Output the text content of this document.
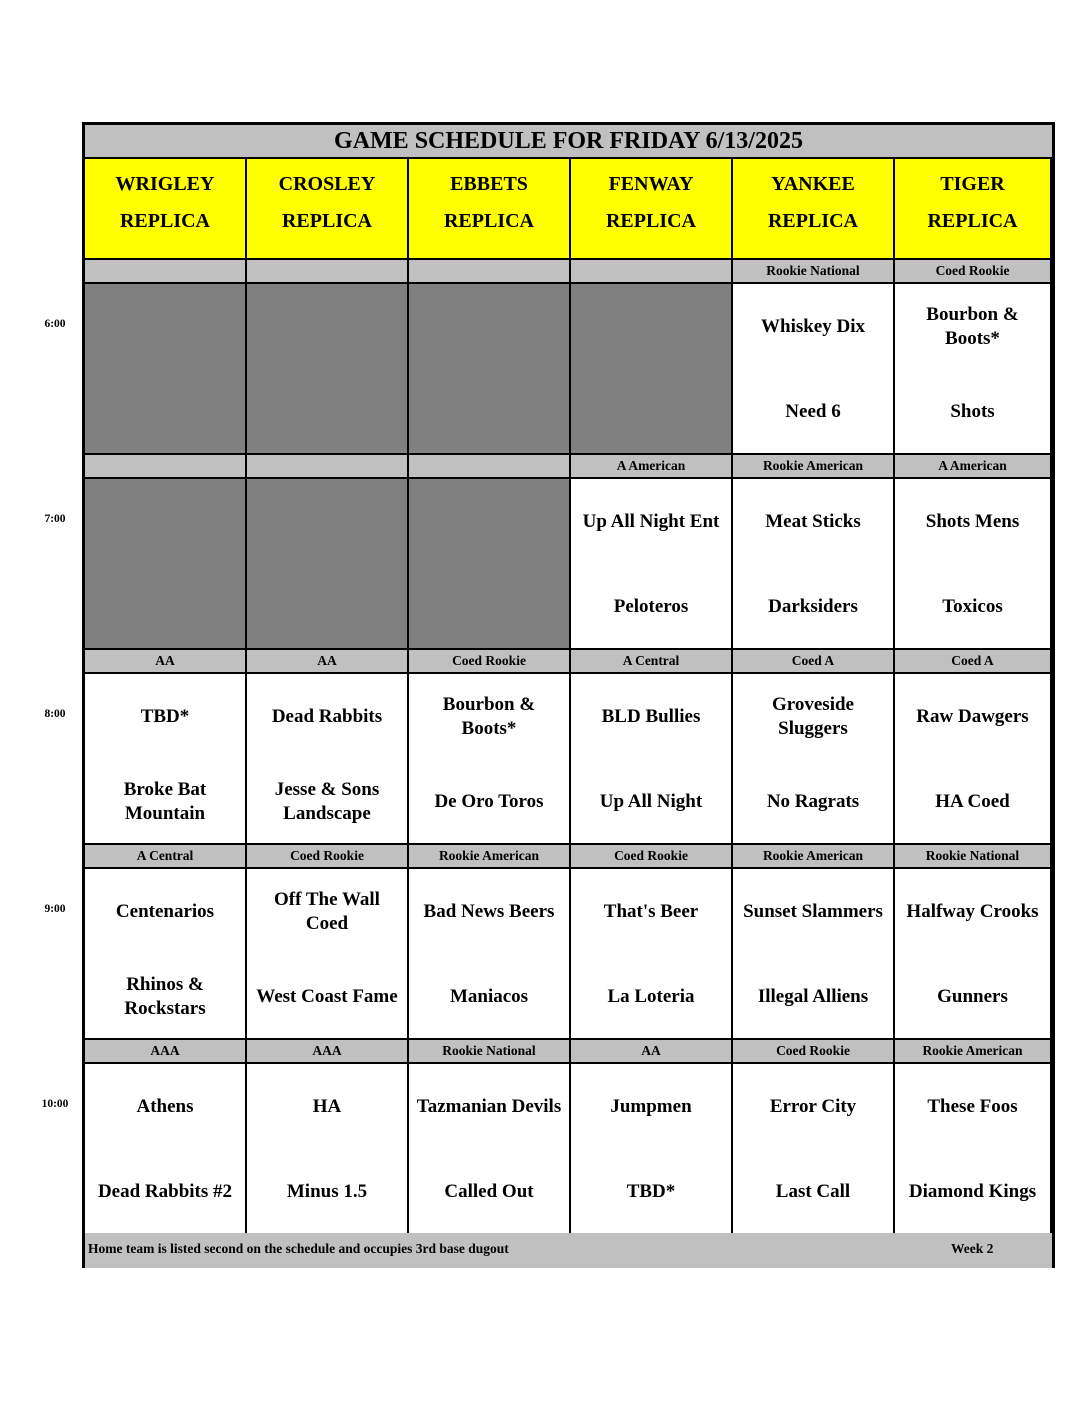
GAME SCHEDULE FOR FRIDAY 6/13/2025
WRIGLEY
REPLICA
CROSLEY
REPLICA
EBBETS
REPLICA
FENWAY
REPLICA
YANKEE
REPLICA
TIGER
REPLICA
Rookie National
Whiskey Dix
Need 6
Coed Rookie
Bourbon &
Boots*
Shots
A American
Up All Night Ent
Peloteros
Rookie American
Meat Sticks
Darksiders
A American
Shots Mens
Toxicos
AA
TBD*
Broke Bat
Mountain
AA
Dead Rabbits
Jesse & Sons
Landscape
Coed Rookie
Bourbon &
Boots*
De Oro Toros
A Central
BLD Bullies
Up All Night
Coed A
Groveside
Sluggers
No Ragrats
Coed A
Raw Dawgers
HA Coed
A Central
Centenarios
Rhinos &
Rockstars
Coed Rookie
Off The Wall
Coed
West Coast Fame
Rookie American
Bad News Beers
Maniacos
Coed Rookie
That's Beer
La Loteria
Rookie American
Sunset Slammers
Illegal Alliens
Rookie National
Halfway Crooks
Gunners
AAA
Athens
Dead Rabbits #2
AAA
HA
Minus 1.5
Rookie National
Tazmanian Devils
Called Out
AA
Jumpmen
TBD*
Coed Rookie
Error City
Last Call
Rookie American
These Foos
Diamond Kings
Home team is listed second on the schedule and occupies 3rd base dugout	Week 2
6:00
7:00
8:00
9:00
10:00
